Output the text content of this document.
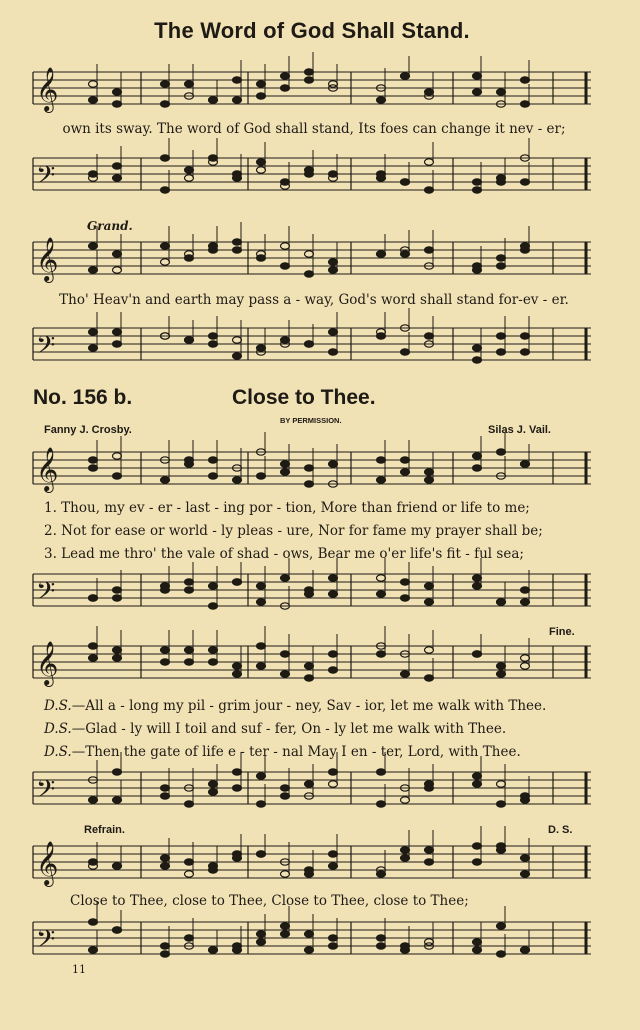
The Word of God Shall Stand.
𝄞
own its sway. The word of God shall stand, Its foes can change it nev - er;
𝄢
Grand.
𝄞
Tho' Heav'n and earth may pass a - way, God's word shall stand for-ev - er.
𝄢
No. 156 b.	Close to Thee.
BY PERMISSION.
Fanny J. Crosby.	Silas J. Vail.
𝄞
1. Thou, my ev - er - last - ing por - tion, More than friend or life to me;
2. Not for ease or world - ly pleas - ure, Nor for fame my prayer shall be;
3. Lead me thro' the vale of shad - ows, Bear me o'er life's fit - ful sea;
𝄢
Fine.
𝄞
D.S.—All a - long my pil - grim jour - ney, Sav - ior, let me walk with Thee.
D.S.—Glad - ly will I toil and suf - fer, On - ly let me walk with Thee.
D.S.—Then the gate of life e - ter - nal May I en - ter, Lord, with Thee.
𝄢
Refrain.	D. S.
𝄞
Close to Thee, close to Thee, Close to Thee, close to Thee;
𝄢
11
